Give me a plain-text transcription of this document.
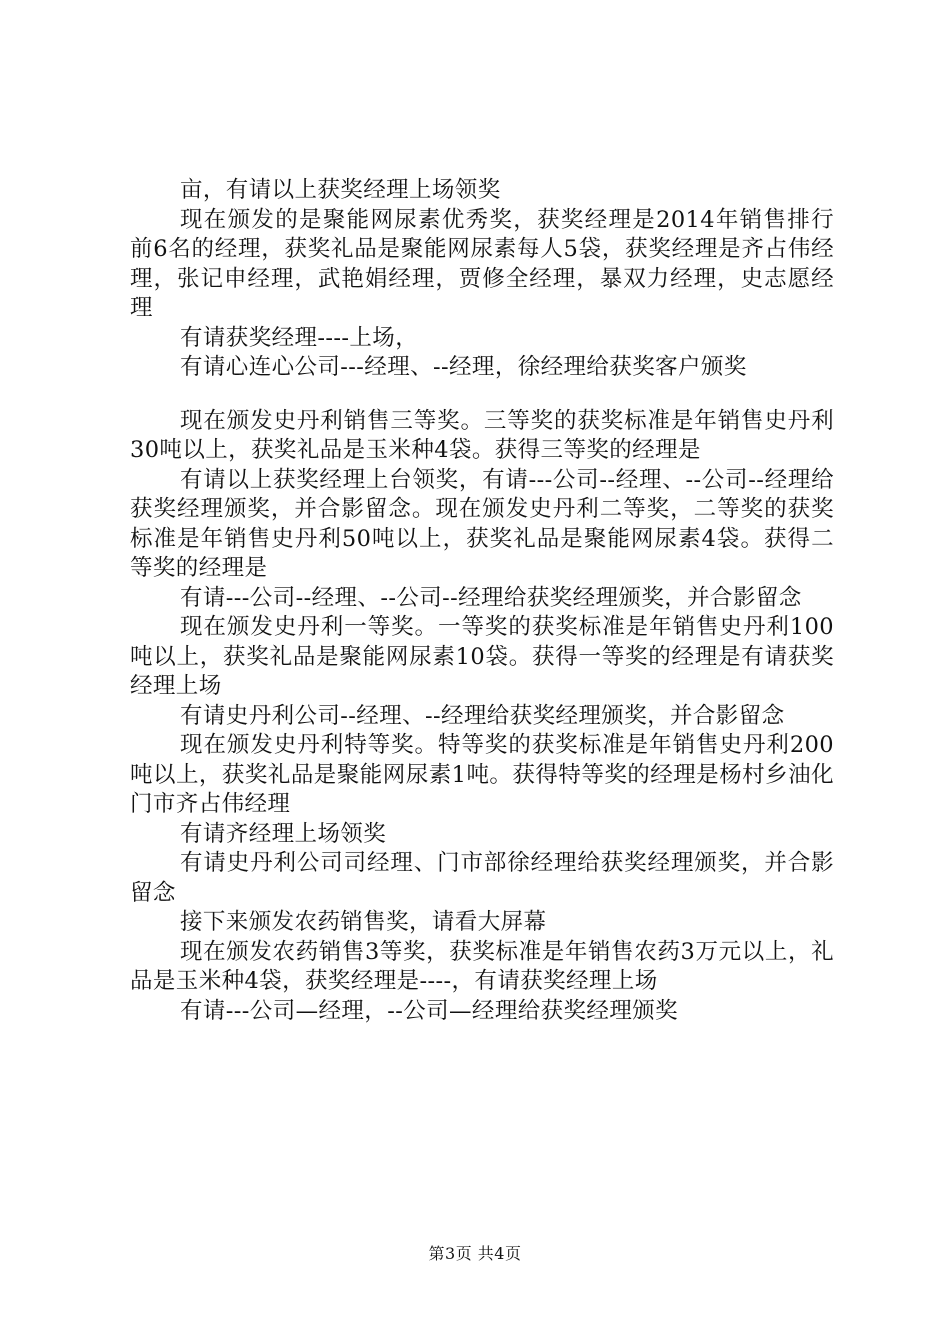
亩，有请以上获奖经理上场领奖

现在颁发的是聚能网尿素优秀奖，获奖经理是2014年销售排行前6名的经理，获奖礼品是聚能网尿素每人5袋，获奖经理是齐占伟经理，张记申经理，武艳娟经理，贾修全经理，暴双力经理，史志愿经理

有请获奖经理----上场，

有请心连心公司---经理、--经理，徐经理给获奖客户颁奖

现在颁发史丹利销售三等奖。三等奖的获奖标准是年销售史丹利30吨以上，获奖礼品是玉米种4袋。获得三等奖的经理是

有请以上获奖经理上台领奖，有请---公司--经理、--公司--经理给获奖经理颁奖，并合影留念。现在颁发史丹利二等奖，二等奖的获奖标准是年销售史丹利50吨以上，获奖礼品是聚能网尿素4袋。获得二等奖的经理是

有请---公司--经理、--公司--经理给获奖经理颁奖，并合影留念

现在颁发史丹利一等奖。一等奖的获奖标准是年销售史丹利100吨以上，获奖礼品是聚能网尿素10袋。获得一等奖的经理是有请获奖经理上场

有请史丹利公司--经理、--经理给获奖经理颁奖，并合影留念

现在颁发史丹利特等奖。特等奖的获奖标准是年销售史丹利200吨以上，获奖礼品是聚能网尿素1吨。获得特等奖的经理是杨村乡油化门市齐占伟经理

有请齐经理上场领奖

有请史丹利公司司经理、门市部徐经理给获奖经理颁奖，并合影留念

接下来颁发农药销售奖，请看大屏幕

现在颁发农药销售3等奖，获奖标准是年销售农药3万元以上，礼品是玉米种4袋，获奖经理是----，有请获奖经理上场

有请---公司—经理，--公司—经理给获奖经理颁奖

第3页 共4页
